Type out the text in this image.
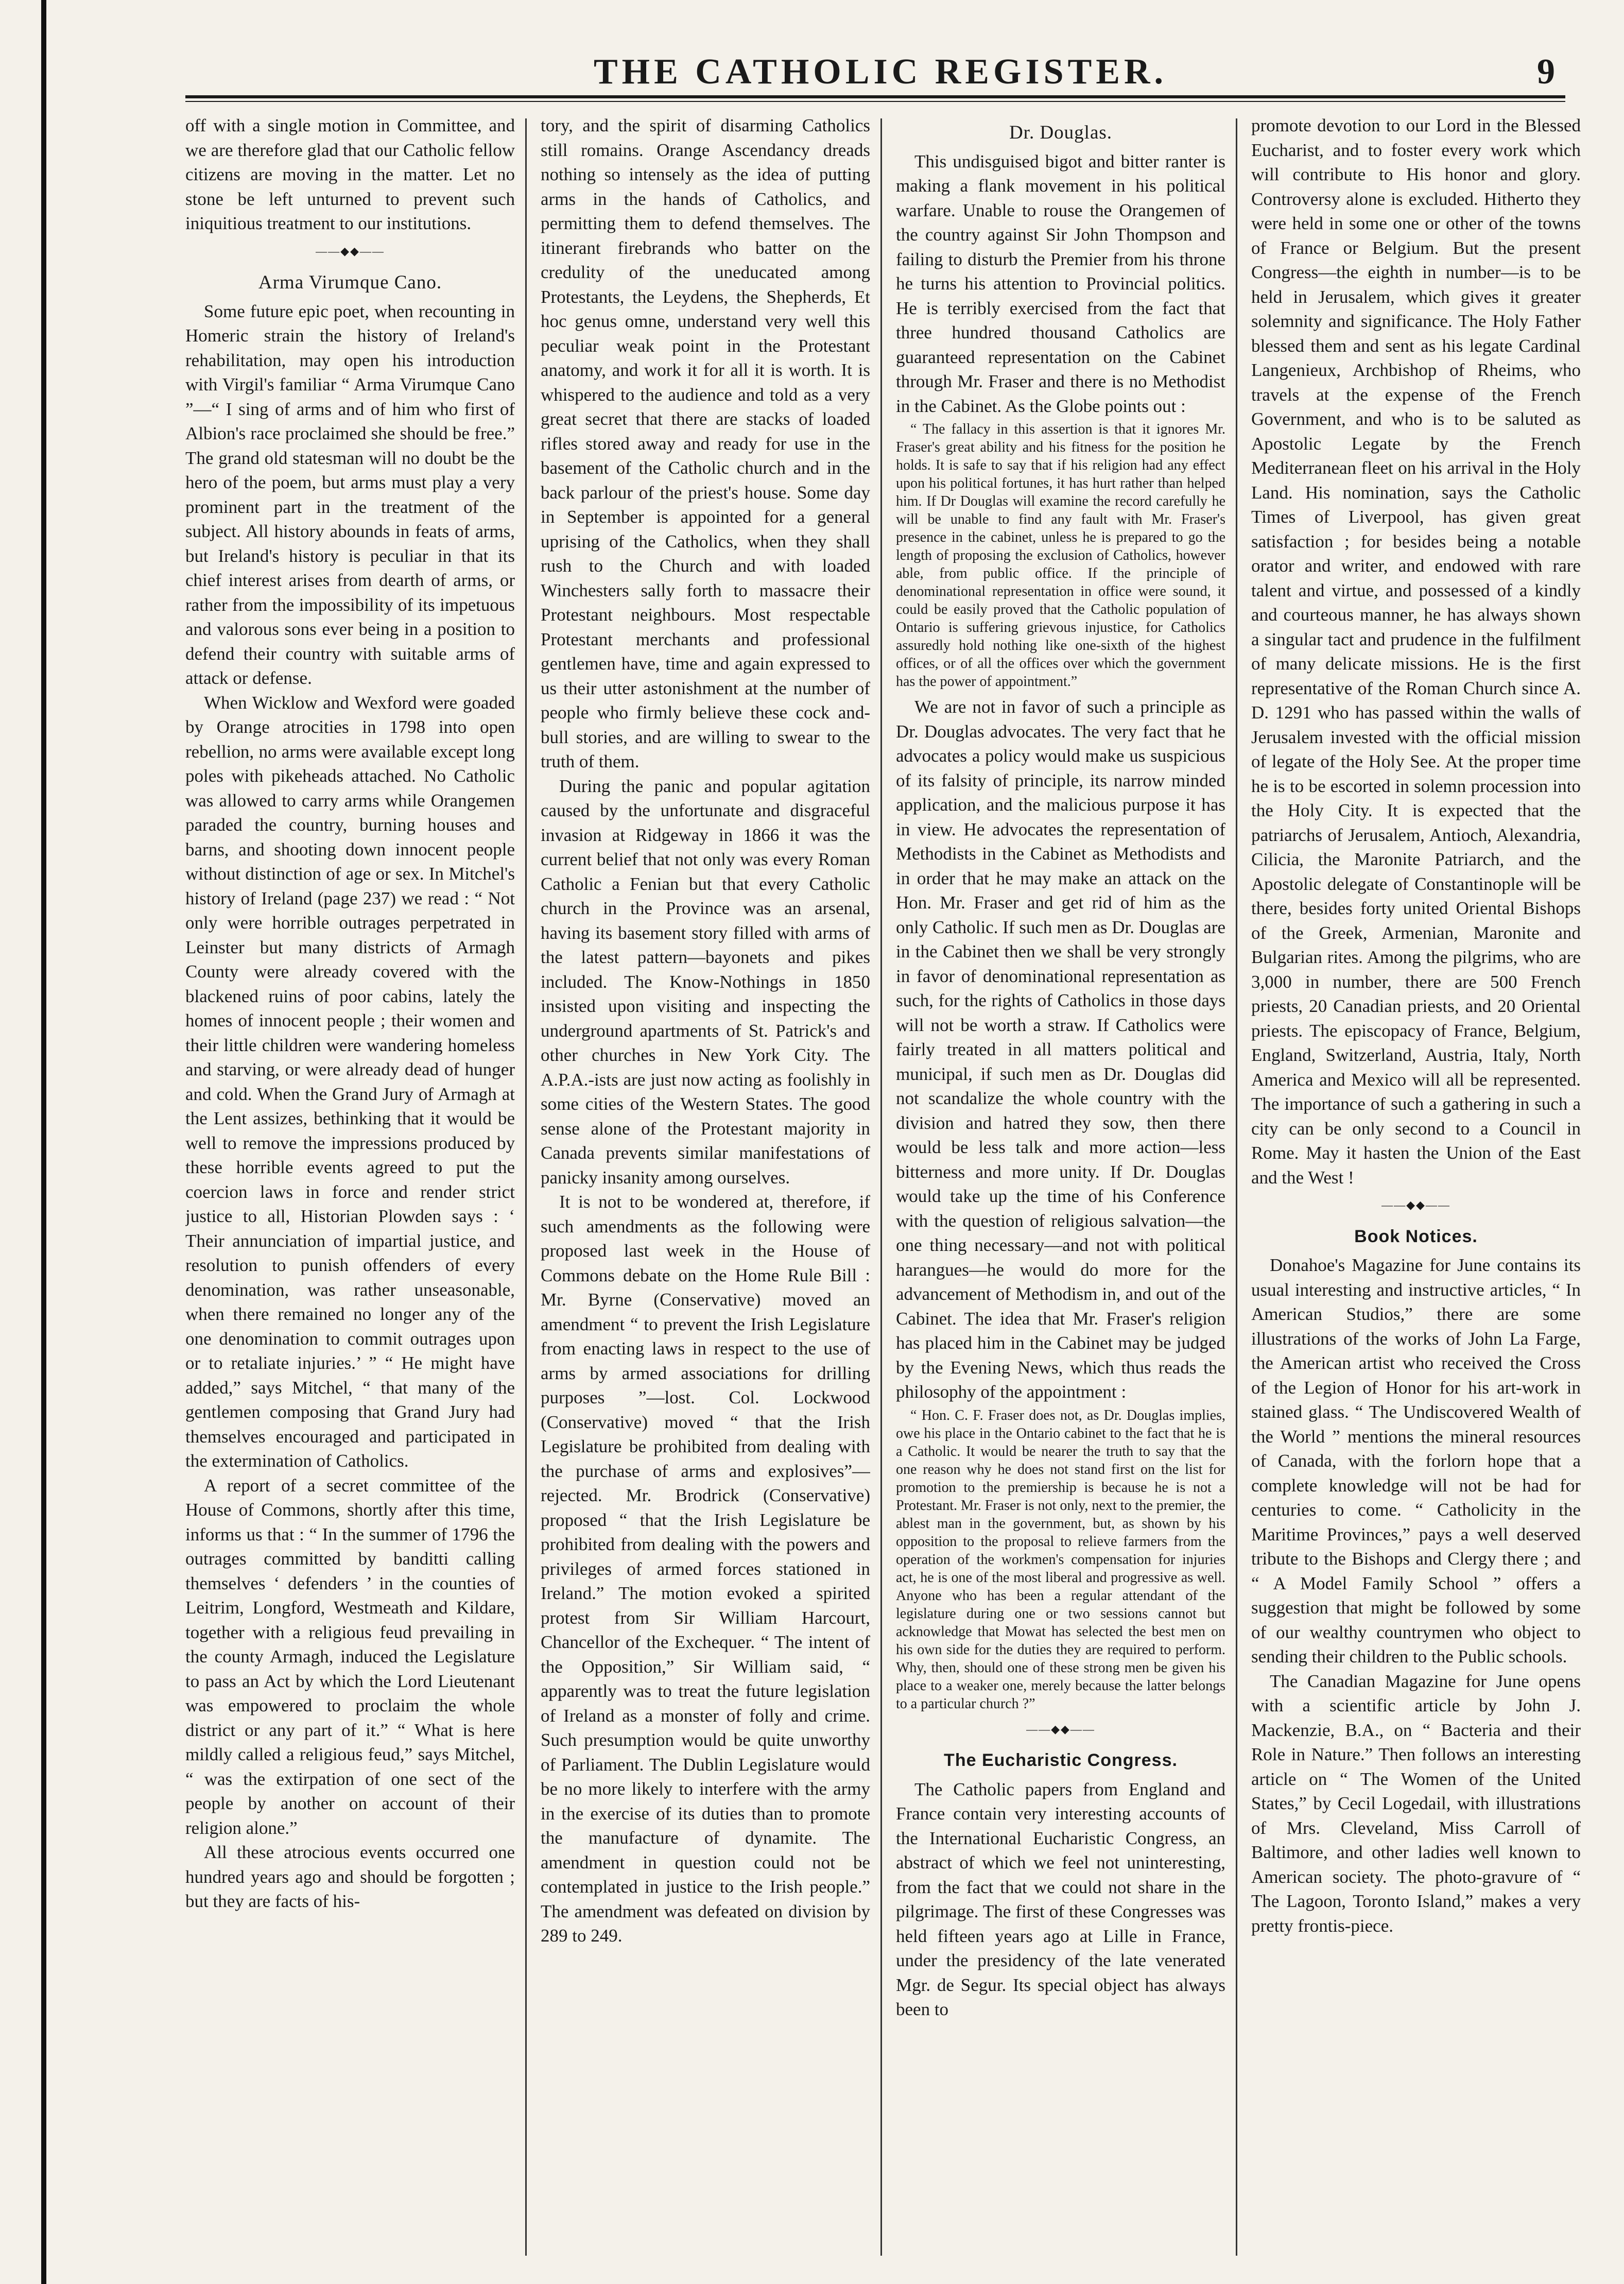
THE CATHOLIC REGISTER.	9

off with a single motion in Committee, and we are therefore glad that our Catholic fellow citizens are moving in the matter. Let no stone be left unturned to prevent such iniquitious treatment to our institutions.

——◆◆——
Arma Virumque Cano.

Some future epic poet, when recounting in Homeric strain the history of Ireland's rehabilitation, may open his introduction with Virgil's familiar “ Arma Virumque Cano ”—“ I sing of arms and of him who first of Albion's race proclaimed she should be free.” The grand old statesman will no doubt be the hero of the poem, but arms must play a very prominent part in the treatment of the subject. All history abounds in feats of arms, but Ireland's history is peculiar in that its chief interest arises from dearth of arms, or rather from the impossibility of its impetuous and valorous sons ever being in a position to defend their country with suitable arms of attack or defense.

When Wicklow and Wexford were goaded by Orange atrocities in 1798 into open rebellion, no arms were available except long poles with pikeheads attached. No Catholic was allowed to carry arms while Orangemen paraded the country, burning houses and barns, and shooting down innocent people without distinction of age or sex. In Mitchel's history of Ireland (page 237) we read : “ Not only were horrible outrages perpetrated in Leinster but many districts of Armagh County were already covered with the blackened ruins of poor cabins, lately the homes of innocent people ; their women and their little children were wandering homeless and starving, or were already dead of hunger and cold. When the Grand Jury of Armagh at the Lent assizes, bethinking that it would be well to remove the impressions produced by these horrible events agreed to put the coercion laws in force and render strict justice to all, Historian Plowden says : ‘ Their annunciation of impartial justice, and resolution to punish offenders of every denomination, was rather unseasonable, when there remained no longer any of the one denomination to commit outrages upon or to retaliate injuries.’ ” “ He might have added,” says Mitchel, “ that many of the gentlemen composing that Grand Jury had themselves encouraged and participated in the extermination of Catholics.

A report of a secret committee of the House of Commons, shortly after this time, informs us that : “ In the summer of 1796 the outrages committed by banditti calling themselves ‘ defenders ’ in the counties of Leitrim, Longford, Westmeath and Kildare, together with a religious feud prevailing in the county Armagh, induced the Legislature to pass an Act by which the Lord Lieutenant was empowered to proclaim the whole district or any part of it.” “ What is here mildly called a religious feud,” says Mitchel, “ was the extirpation of one sect of the people by another on account of their religion alone.”

All these atrocious events occurred one hundred years ago and should be forgotten ; but they are facts of his-

tory, and the spirit of disarming Catholics still romains. Orange Ascendancy dreads nothing so intensely as the idea of putting arms in the hands of Catholics, and permitting them to defend themselves. The itinerant firebrands who batter on the credulity of the uneducated among Protestants, the Leydens, the Shepherds, Et hoc genus omne, understand very well this peculiar weak point in the Protestant anatomy, and work it for all it is worth. It is whispered to the audience and told as a very great secret that there are stacks of loaded rifles stored away and ready for use in the basement of the Catholic church and in the back parlour of the priest's house. Some day in September is appointed for a general uprising of the Catholics, when they shall rush to the Church and with loaded Winchesters sally forth to massacre their Protestant neighbours. Most respectable Protestant merchants and professional gentlemen have, time and again expressed to us their utter astonishment at the number of people who firmly believe these cock and-bull stories, and are willing to swear to the truth of them.

During the panic and popular agitation caused by the unfortunate and disgraceful invasion at Ridgeway in 1866 it was the current belief that not only was every Roman Catholic a Fenian but that every Catholic church in the Province was an arsenal, having its basement story filled with arms of the latest pattern—bayonets and pikes included. The Know-Nothings in 1850 insisted upon visiting and inspecting the underground apartments of St. Patrick's and other churches in New York City. The A.P.A.-ists are just now acting as foolishly in some cities of the Western States. The good sense alone of the Protestant majority in Canada prevents similar manifestations of panicky insanity among ourselves.

It is not to be wondered at, therefore, if such amendments as the following were proposed last week in the House of Commons debate on the Home Rule Bill : Mr. Byrne (Conservative) moved an amendment “ to prevent the Irish Legislature from enacting laws in respect to the use of arms by armed associations for drilling purposes ”—lost. Col. Lockwood (Conservative) moved “ that the Irish Legislature be prohibited from dealing with the purchase of arms and explosives”—rejected. Mr. Brodrick (Conservative) proposed “ that the Irish Legislature be prohibited from dealing with the powers and privileges of armed forces stationed in Ireland.” The motion evoked a spirited protest from Sir William Harcourt, Chancellor of the Exchequer. “ The intent of the Opposition,” Sir William said, “ apparently was to treat the future legislation of Ireland as a monster of folly and crime. Such presumption would be quite unworthy of Parliament. The Dublin Legislature would be no more likely to interfere with the army in the exercise of its duties than to promote the manufacture of dynamite. The amendment in question could not be contemplated in justice to the Irish people.” The amendment was defeated on division by 289 to 249.

Dr. Douglas.

This undisguised bigot and bitter ranter is making a flank movement in his political warfare. Unable to rouse the Orangemen of the country against Sir John Thompson and failing to disturb the Premier from his throne he turns his attention to Provincial politics. He is terribly exercised from the fact that three hundred thousand Catholics are guaranteed representation on the Cabinet through Mr. Fraser and there is no Methodist in the Cabinet. As the Globe points out :

“ The fallacy in this assertion is that it ignores Mr. Fraser's great ability and his fitness for the position he holds. It is safe to say that if his religion had any effect upon his political fortunes, it has hurt rather than helped him. If Dr Douglas will examine the record carefully he will be unable to find any fault with Mr. Fraser's presence in the cabinet, unless he is prepared to go the length of proposing the exclusion of Catholics, however able, from public office. If the principle of denominational representation in office were sound, it could be easily proved that the Catholic population of Ontario is suffering grievous injustice, for Catholics assuredly hold nothing like one-sixth of the highest offices, or of all the offices over which the government has the power of appointment.”

We are not in favor of such a principle as Dr. Douglas advocates. The very fact that he advocates a policy would make us suspicious of its falsity of principle, its narrow minded application, and the malicious purpose it has in view. He advocates the representation of Methodists in the Cabinet as Methodists and in order that he may make an attack on the Hon. Mr. Fraser and get rid of him as the only Catholic. If such men as Dr. Douglas are in the Cabinet then we shall be very strongly in favor of denominational representation as such, for the rights of Catholics in those days will not be worth a straw. If Catholics were fairly treated in all matters political and municipal, if such men as Dr. Douglas did not scandalize the whole country with the division and hatred they sow, then there would be less talk and more action—less bitterness and more unity. If Dr. Douglas would take up the time of his Conference with the question of religious salvation—the one thing necessary—and not with political harangues—he would do more for the advancement of Methodism in, and out of the Cabinet. The idea that Mr. Fraser's religion has placed him in the Cabinet may be judged by the Evening News, which thus reads the philosophy of the appointment :

“ Hon. C. F. Fraser does not, as Dr. Douglas implies, owe his place in the Ontario cabinet to the fact that he is a Catholic. It would be nearer the truth to say that the one reason why he does not stand first on the list for promotion to the premiership is because he is not a Protestant. Mr. Fraser is not only, next to the premier, the ablest man in the government, but, as shown by his opposition to the proposal to relieve farmers from the operation of the workmen's compensation for injuries act, he is one of the most liberal and progressive as well. Anyone who has been a regular attendant of the legislature during one or two sessions cannot but acknowledge that Mowat has selected the best men on his own side for the duties they are required to perform. Why, then, should one of these strong men be given his place to a weaker one, merely because the latter belongs to a particular church ?”

——◆◆——
The Eucharistic Congress.

The Catholic papers from England and France contain very interesting accounts of the International Eucharistic Congress, an abstract of which we feel not uninteresting, from the fact that we could not share in the pilgrimage. The first of these Congresses was held fifteen years ago at Lille in France, under the presidency of the late venerated Mgr. de Segur. Its special object has always been to

promote devotion to our Lord in the Blessed Eucharist, and to foster every work which will contribute to His honor and glory. Controversy alone is excluded. Hitherto they were held in some one or other of the towns of France or Belgium. But the present Congress—the eighth in number—is to be held in Jerusalem, which gives it greater solemnity and significance. The Holy Father blessed them and sent as his legate Cardinal Langenieux, Archbishop of Rheims, who travels at the expense of the French Government, and who is to be saluted as Apostolic Legate by the French Mediterranean fleet on his arrival in the Holy Land. His nomination, says the Catholic Times of Liverpool, has given great satisfaction ; for besides being a notable orator and writer, and endowed with rare talent and virtue, and possessed of a kindly and courteous manner, he has always shown a singular tact and prudence in the fulfilment of many delicate missions. He is the first representative of the Roman Church since A. D. 1291 who has passed within the walls of Jerusalem invested with the official mission of legate of the Holy See. At the proper time he is to be escorted in solemn procession into the Holy City. It is expected that the patriarchs of Jerusalem, Antioch, Alexandria, Cilicia, the Maronite Patriarch, and the Apostolic delegate of Constantinople will be there, besides forty united Oriental Bishops of the Greek, Armenian, Maronite and Bulgarian rites. Among the pilgrims, who are 3,000 in number, there are 500 French priests, 20 Canadian priests, and 20 Oriental priests. The episcopacy of France, Belgium, England, Switzerland, Austria, Italy, North America and Mexico will all be represented. The importance of such a gathering in such a city can be only second to a Council in Rome. May it hasten the Union of the East and the West !

——◆◆——
Book Notices.

Donahoe's Magazine for June contains its usual interesting and instructive articles, “ In American Studios,” there are some illustrations of the works of John La Farge, the American artist who received the Cross of the Legion of Honor for his art-work in stained glass. “ The Undiscovered Wealth of the World ” mentions the mineral resources of Canada, with the forlorn hope that a complete knowledge will not be had for centuries to come. “ Catholicity in the Maritime Provinces,” pays a well deserved tribute to the Bishops and Clergy there ; and “ A Model Family School ” offers a suggestion that might be followed by some of our wealthy countrymen who object to sending their children to the Public schools.

The Canadian Magazine for June opens with a scientific article by John J. Mackenzie, B.A., on “ Bacteria and their Role in Nature.” Then follows an interesting article on “ The Women of the United States,” by Cecil Logedail, with illustrations of Mrs. Cleveland, Miss Carroll of Baltimore, and other ladies well known to American society. The photo-gravure of “ The Lagoon, Toronto Island,” makes a very pretty frontis-piece.
